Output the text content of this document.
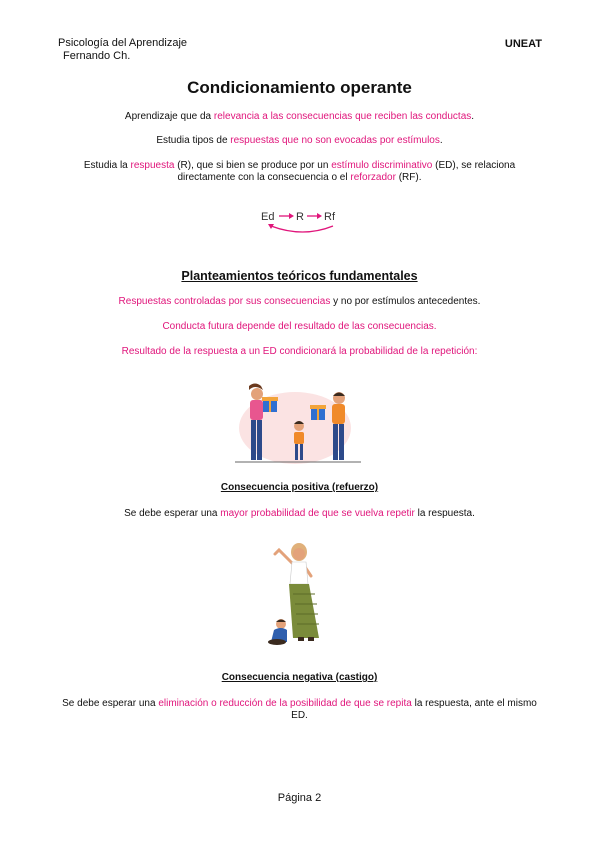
Psicología del Aprendizaje
Fernando Ch.
UNEAT
Condicionamiento operante
Aprendizaje que da relevancia a las consecuencias que reciben las conductas.
Estudia tipos de respuestas que no son evocadas por estímulos.
Estudia la respuesta (R), que si bien se produce por un estímulo discriminativo (ED), se relaciona directamente con la consecuencia o el reforzador (RF).
Ed R Rf
Planteamientos teóricos fundamentales
Respuestas controladas por sus consecuencias y no por estímulos antecedentes.
Conducta futura depende del resultado de las consecuencias.
Resultado de la respuesta a un ED condicionará la probabilidad de la repetición:
Consecuencia positiva (refuerzo)
Se debe esperar una mayor probabilidad de que se vuelva repetir la respuesta.
Consecuencia negativa (castigo)
Se debe esperar una eliminación o reducción de la posibilidad de que se repita la respuesta, ante el mismo ED.
Página 2
